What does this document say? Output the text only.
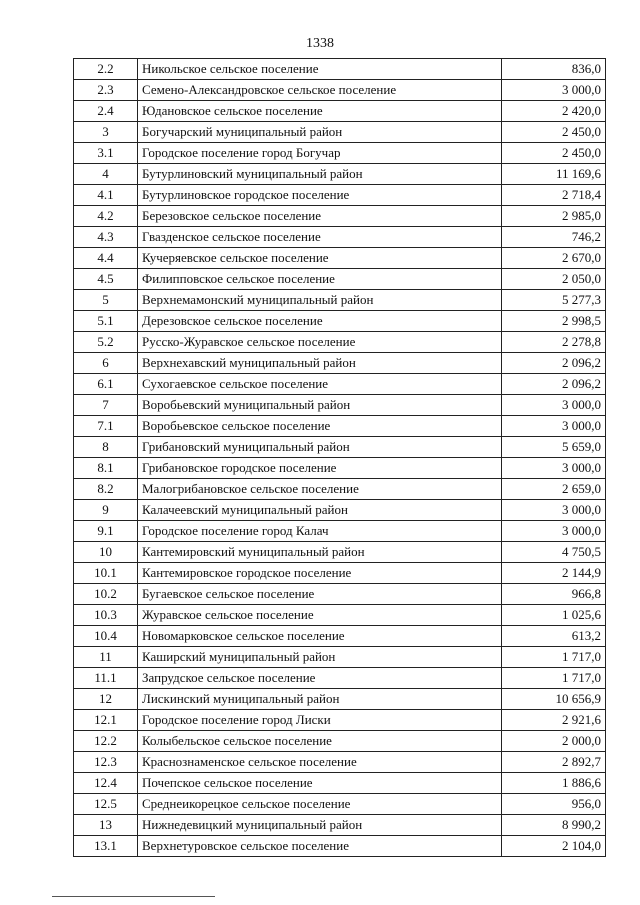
1338
2.2	Никольское сельское поселение	836,0
2.3	Семено-Александровское сельское поселение	3 000,0
2.4	Юдановское сельское поселение	2 420,0
3	Богучарский муниципальный район	2 450,0
3.1	Городское поселение город Богучар	2 450,0
4	Бутурлиновский муниципальный район	11 169,6
4.1	Бутурлиновское городское поселение	2 718,4
4.2	Березовское сельское поселение	2 985,0
4.3	Гвазденское сельское поселение	746,2
4.4	Кучеряевское сельское поселение	2 670,0
4.5	Филипповское сельское поселение	2 050,0
5	Верхнемамонский муниципальный район	5 277,3
5.1	Дерезовское сельское поселение	2 998,5
5.2	Русско-Журавское сельское поселение	2 278,8
6	Верхнехавский муниципальный район	2 096,2
6.1	Сухогаевское сельское поселение	2 096,2
7	Воробьевский муниципальный район	3 000,0
7.1	Воробьевское сельское поселение	3 000,0
8	Грибановский муниципальный район	5 659,0
8.1	Грибановское городское поселение	3 000,0
8.2	Малогрибановское сельское поселение	2 659,0
9	Калачеевский муниципальный район	3 000,0
9.1	Городское поселение город Калач	3 000,0
10	Кантемировский муниципальный район	4 750,5
10.1	Кантемировское городское поселение	2 144,9
10.2	Бугаевское сельское поселение	966,8
10.3	Журавское сельское поселение	1 025,6
10.4	Новомарковское сельское поселение	613,2
11	Каширский муниципальный район	1 717,0
11.1	Запрудское сельское поселение	1 717,0
12	Лискинский муниципальный район	10 656,9
12.1	Городское поселение город Лиски	2 921,6
12.2	Колыбельское сельское поселение	2 000,0
12.3	Краснознаменское сельское поселение	2 892,7
12.4	Почепское сельское поселение	1 886,6
12.5	Среднеикорецкое сельское поселение	956,0
13	Нижнедевицкий муниципальный район	8 990,2
13.1	Верхнетуровское сельское поселение	2 104,0
